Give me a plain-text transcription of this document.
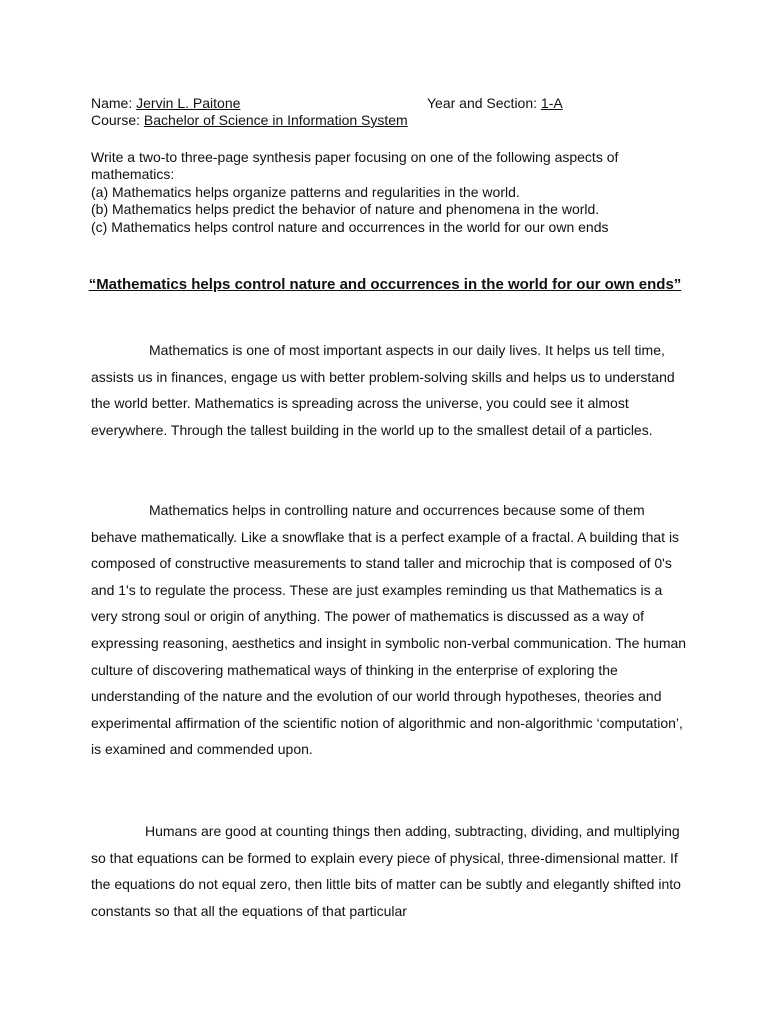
Name: Jervin L. Paitone	Year and Section: 1-A
Course: Bachelor of Science in Information System

Write a two-to three-page synthesis paper focusing on one of the following aspects of mathematics:

(a) Mathematics helps organize patterns and regularities in the world.

(b) Mathematics helps predict the behavior of nature and phenomena in the world.

(c) Mathematics helps control nature and occurrences in the world for our own ends

“Mathematics helps control nature and occurrences in the world for our own ends”

Mathematics is one of most important aspects in our daily lives. It helps us tell time, assists us in finances, engage us with better problem-solving skills and helps us to understand the world better. Mathematics is spreading across the universe, you could see it almost everywhere. Through the tallest building in the world up to the smallest detail of a particles.

Mathematics helps in controlling nature and occurrences because some of them behave mathematically. Like a snowflake that is a perfect example of a fractal. A building that is composed of constructive measurements to stand taller and microchip that is composed of 0's and 1's to regulate the process. These are just examples reminding us that Mathematics is a very strong soul or origin of anything. The power of mathematics is discussed as a way of expressing reasoning, aesthetics and insight in symbolic non-verbal communication. The human culture of discovering mathematical ways of thinking in the enterprise of exploring the understanding of the nature and the evolution of our world through hypotheses, theories and experimental affirmation of the scientific notion of algorithmic and non-algorithmic ‘computation’, is examined and commended upon.

Humans are good at counting things then adding, subtracting, dividing, and multiplying so that equations can be formed to explain every piece of physical, three-dimensional matter. If the equations do not equal zero, then little bits of matter can be subtly and elegantly shifted into constants so that all the equations of that particular
